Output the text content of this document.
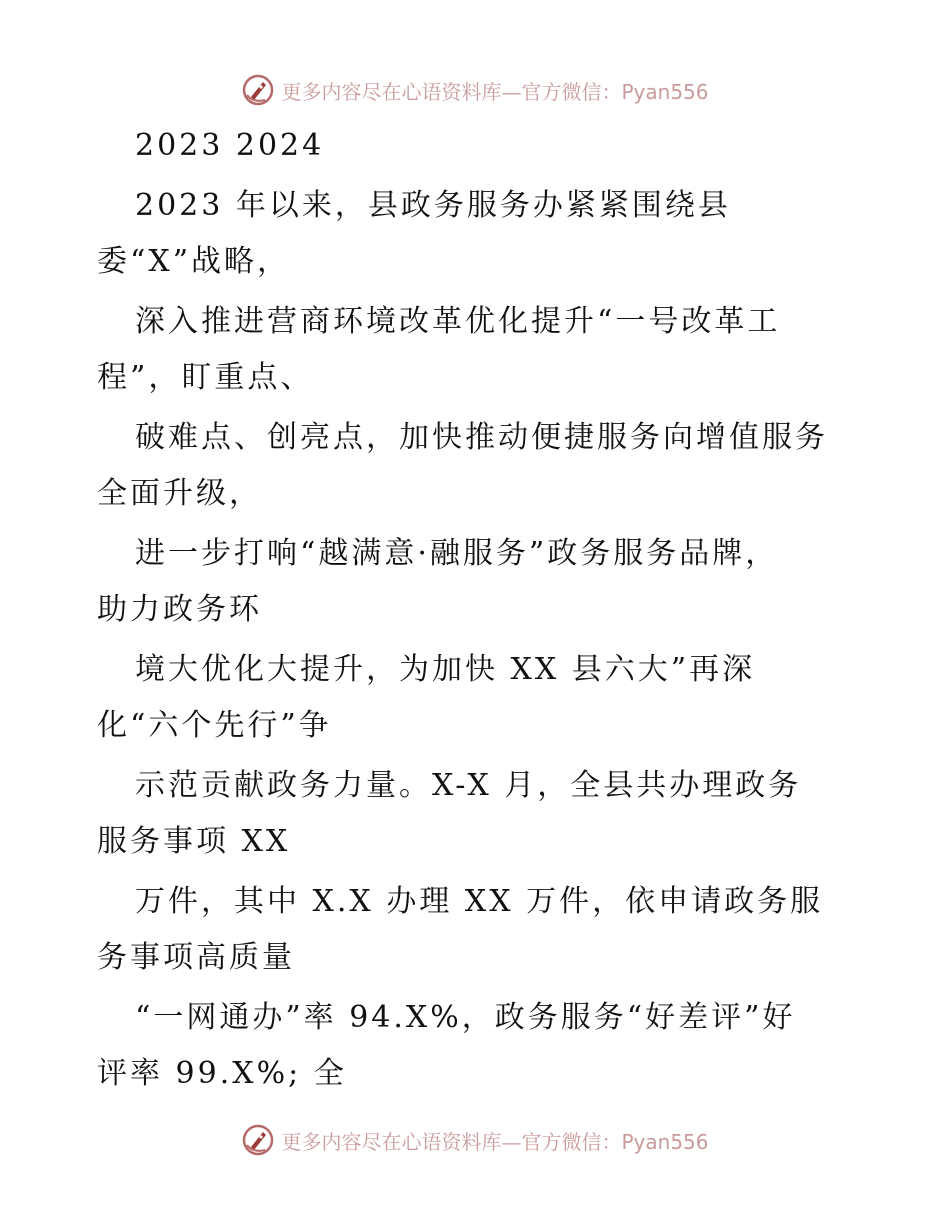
更多内容尽在心语资料库—官方微信：Pyan556
2023 2024
2023 年以来，县政务服务办紧紧围绕县
委“X”战略，
深入推进营商环境改革优化提升“一号改革工
程”，盯重点、
破难点、创亮点，加快推动便捷服务向增值服务
全面升级，
进一步打响“越满意·融服务”政务服务品牌，
助力政务环
境大优化大提升，为加快 XX 县六大”再深
化“六个先行”争
示范贡献政务力量。X-X 月，全县共办理政务
服务事项 XX
万件，其中 X.X 办理 XX 万件，依申请政务服
务事项高质量
“一网通办”率 94.X%，政务服务“好差评”好
评率 99.X%; 全
更多内容尽在心语资料库—官方微信：Pyan556
